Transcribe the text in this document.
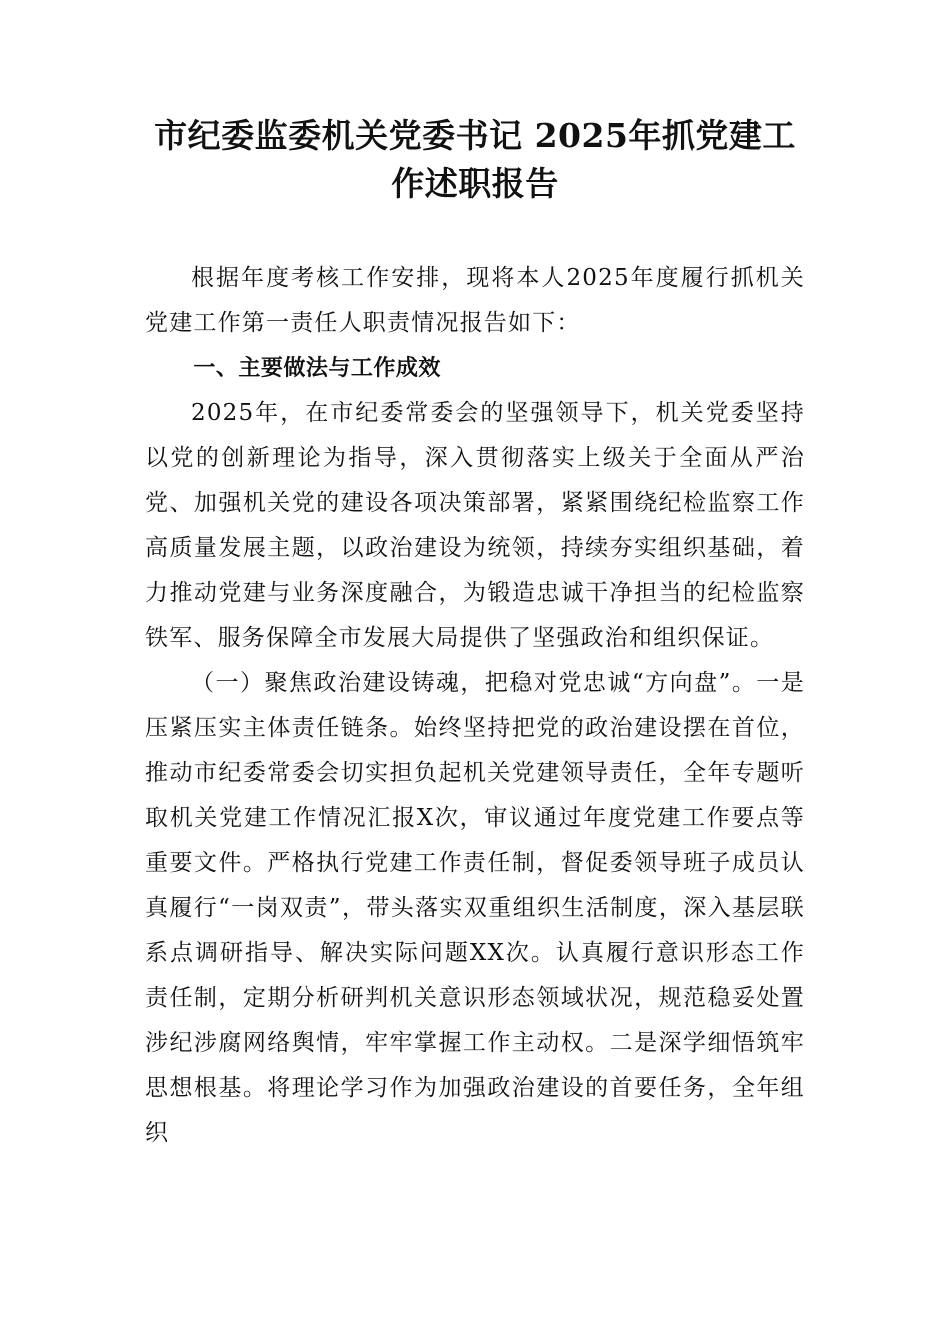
市纪委监委机关党委书记 2025年抓党建工
作述职报告

根据年度考核工作安排，现将本人2025年度履行抓机关党建工作第一责任人职责情况报告如下：

一、主要做法与工作成效

2025年，在市纪委常委会的坚强领导下，机关党委坚持以党的创新理论为指导，深入贯彻落实上级关于全面从严治党、加强机关党的建设各项决策部署，紧紧围绕纪检监察工作高质量发展主题，以政治建设为统领，持续夯实组织基础，着力推动党建与业务深度融合，为锻造忠诚干净担当的纪检监察铁军、服务保障全市发展大局提供了坚强政治和组织保证。

（一）聚焦政治建设铸魂，把稳对党忠诚“方向盘”。一是压紧压实主体责任链条。始终坚持把党的政治建设摆在首位，推动市纪委常委会切实担负起机关党建领导责任，全年专题听取机关党建工作情况汇报X次，审议通过年度党建工作要点等重要文件。严格执行党建工作责任制，督促委领导班子成员认真履行“一岗双责”，带头落实双重组织生活制度，深入基层联系点调研指导、解决实际问题XX次。认真履行意识形态工作责任制，定期分析研判机关意识形态领域状况，规范稳妥处置涉纪涉腐网络舆情，牢牢掌握工作主动权。二是深学细悟筑牢思想根基。将理论学习作为加强政治建设的首要任务，全年组织
